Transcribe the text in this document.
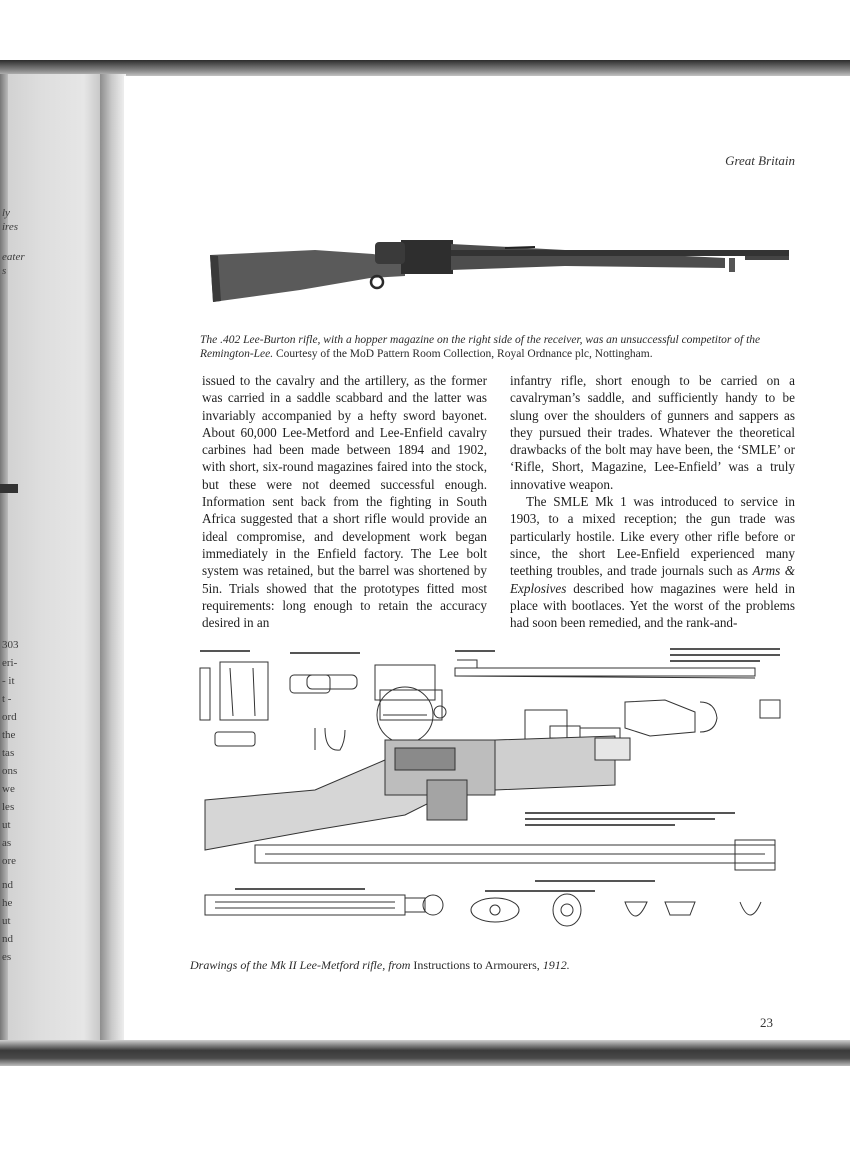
ly
ires
eater
s
303
eri-
- it
t -
ord
the
tas
ons
we
les
ut
as
ore
nd
he
ut
nd
es
Great Britain
The .402 Lee-Burton rifle, with a hopper magazine on the right side of the receiver, was an unsuccessful competitor of the Remington-Lee. Courtesy of the MoD Pattern Room Collection, Royal Ordnance plc, Nottingham.

issued to the cavalry and the artillery, as the former was carried in a saddle scabbard and the latter was invariably accompanied by a hefty sword bayonet. About 60,000 Lee-Metford and Lee-Enfield cavalry carbines had been made between 1894 and 1902, with short, six-round magazines faired into the stock, but these were not deemed successful enough. Information sent back from the fighting in South Africa suggested that a short rifle would provide an ideal compromise, and development work began immediately in the Enfield factory. The Lee bolt system was retained, but the barrel was shortened by 5in. Trials showed that the prototypes fitted most requirements: long enough to retain the accuracy desired in an

infantry rifle, short enough to be carried on a cavalryman’s saddle, and sufficiently handy to be slung over the shoulders of gunners and sappers as they pursued their trades. Whatever the theoretical drawbacks of the bolt may have been, the ‘SMLE’ or ‘Rifle, Short, Magazine, Lee-Enfield’ was a truly innovative weapon.

The SMLE Mk 1 was introduced to service in 1903, to a mixed reception; the gun trade was particularly hostile. Like every other rifle before or since, the short Lee-Enfield experienced many teething troubles, and trade journals such as Arms & Explosives described how magazines were held in place with bootlaces. Yet the worst of the problems had soon been remedied, and the rank-and-

Drawings of the Mk II Lee-Metford rifle, from Instructions to Armourers, 1912.
23
